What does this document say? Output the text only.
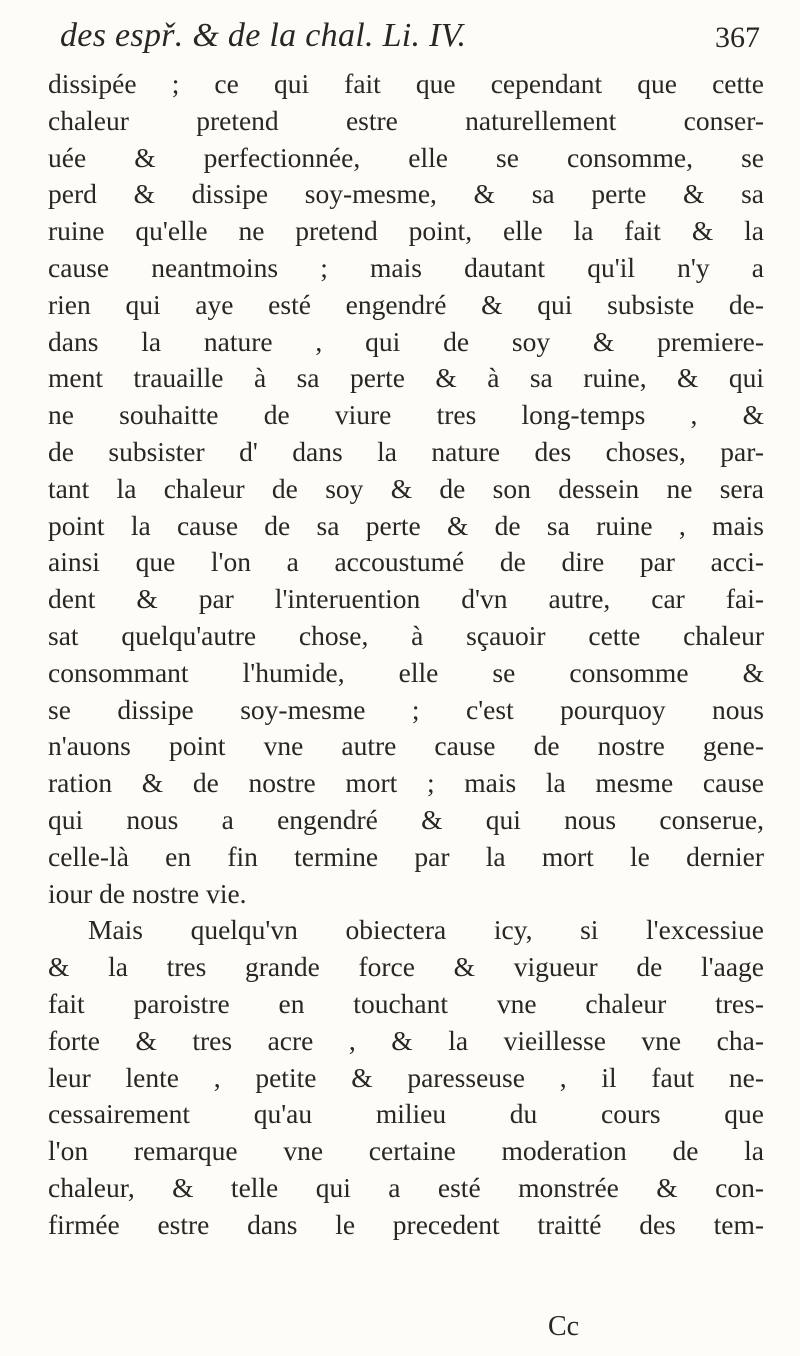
des espř. & de la chal. Li. IV.	367
dissipée ; ce qui fait que cependant que cette
chaleur pretend estre naturellement conser-
uée & perfectionnée, elle se consomme, se
perd & dissipe soy-mesme, & sa perte & sa
ruine qu'elle ne pretend point, elle la fait & la
cause neantmoins ; mais dautant qu'il n'y a
rien qui aye esté engendré & qui subsiste de-
dans la nature , qui de soy & premiere-
ment trauaille à sa perte & à sa ruine, & qui
ne souhaitte de viure tres long-temps , &
de subsister d' dans la nature des choses, par-
tant la chaleur de soy & de son dessein ne sera
point la cause de sa perte & de sa ruine , mais
ainsi que l'on a accoustumé de dire par acci-
dent & par l'interuention d'vn autre, car fai-
sat quelqu'autre chose, à sçauoir cette chaleur
consommant l'humide, elle se consomme &
se dissipe soy-mesme ; c'est pourquoy nous
n'auons point vne autre cause de nostre gene-
ration & de nostre mort ; mais la mesme cause
qui nous a engendré & qui nous conserue,
celle-là en fin termine par la mort le dernier
iour de nostre vie.
Mais quelqu'vn obiectera icy, si l'excessiue
& la tres grande force & vigueur de l'aage
fait paroistre en touchant vne chaleur tres-
forte & tres acre , & la vieillesse vne cha-
leur lente , petite & paresseuse , il faut ne-
cessairement qu'au milieu du cours que
l'on remarque vne certaine moderation de la
chaleur, & telle qui a esté monstrée & con-
firmée estre dans le precedent traitté des tem-
Cc
